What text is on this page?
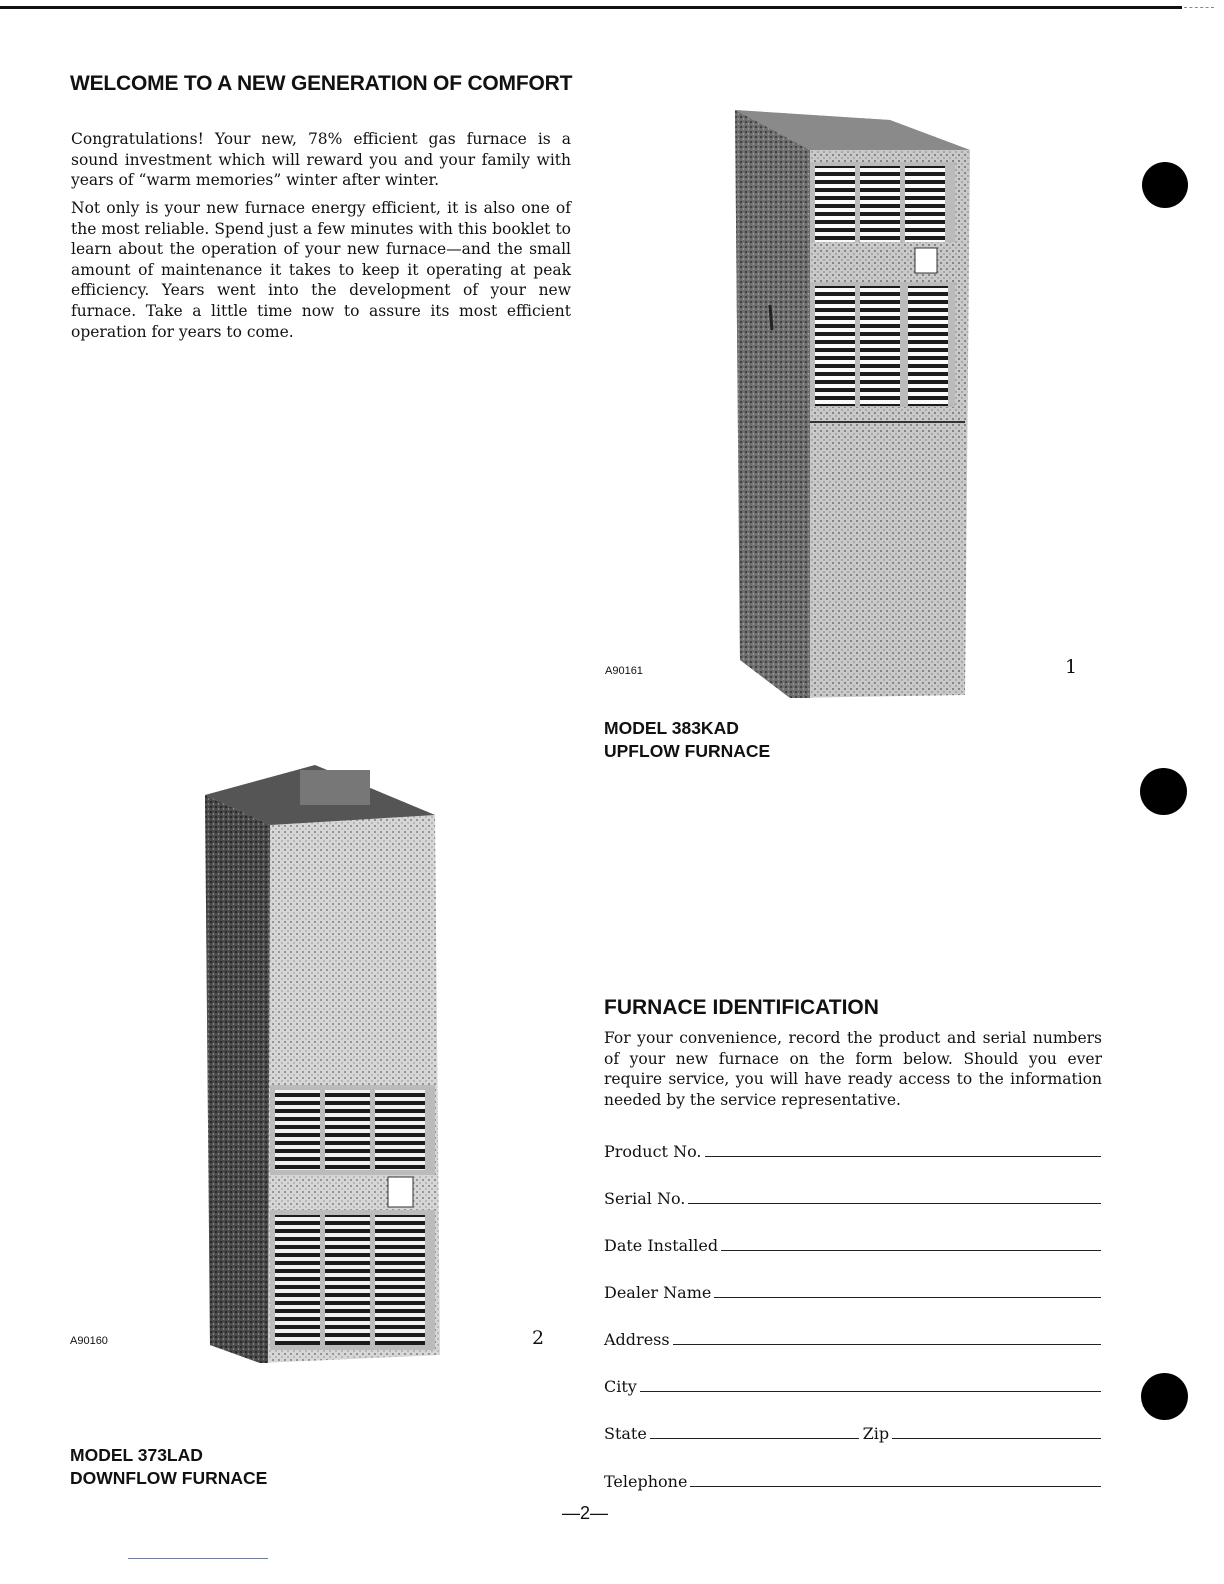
WELCOME TO A NEW GENERATION OF COMFORT

Congratulations! Your new, 78% efficient gas furnace is a sound investment which will reward you and your family with years of “warm memories” winter after winter.

Not only is your new furnace energy efficient, it is also one of the most reliable. Spend just a few minutes with this booklet to learn about the operation of your new furnace—and the small amount of maintenance it takes to keep it operating at peak efficiency. Years went into the development of your new furnace. Take a little time now to assure its most efficient operation for years to come.

A90161	1
MODEL 383KAD
UPFLOW FURNACE
A90160	2
MODEL 373LAD
DOWNFLOW FURNACE
FURNACE IDENTIFICATION

For your convenience, record the product and serial numbers of your new furnace on the form below. Should you ever require service, you will have ready access to the information needed by the service representative.

Product No.
Serial No.
Date Installed
Dealer Name
Address
City
State	Zip
Telephone
—2—
